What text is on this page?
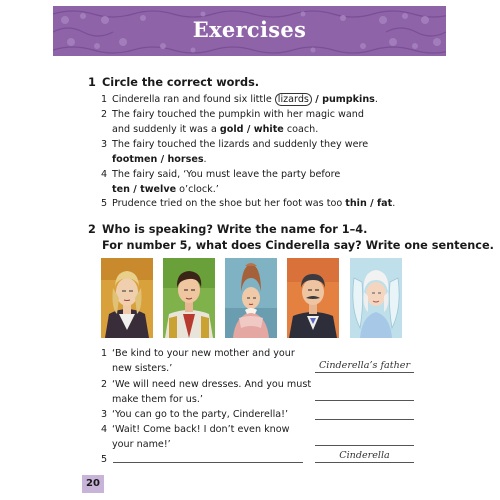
Exercises
1 Circle the correct words.
1 Cinderella ran and found six little lizards / pumpkins.
2 The fairy touched the pumpkin with her magic wand
and suddenly it was a gold / white coach.
3 The fairy touched the lizards and suddenly they were
footmen / horses.
4 The fairy said, ‘You must leave the party before
ten / twelve o’clock.’
5 Prudence tried on the shoe but her foot was too thin / fat.
2 Who is speaking? Write the name for 1–4.
For number 5, what does Cinderella say? Write one sentence.
1 ‘Be kind to your new mother and your
new sisters.’	Cinderella’s father
2 ‘We will need new dresses. And you must
make them for us.’
3 ‘You can go to the party, Cinderella!’
4 ‘Wait! Come back! I don’t even know
your name!’
5	Cinderella
20
